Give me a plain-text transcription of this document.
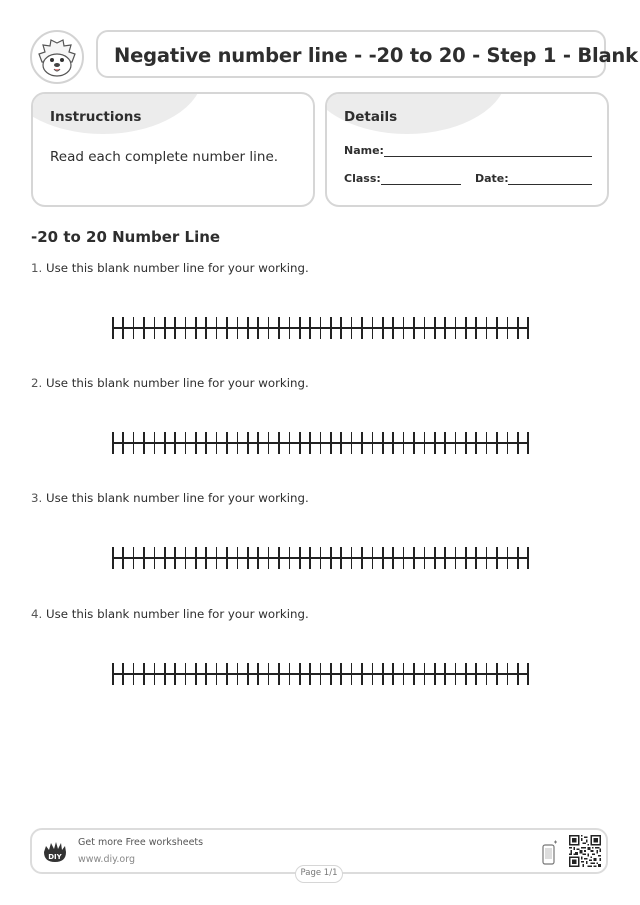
Negative number line - -20 to 20 - Step 1 - Blank
Instructions
Read each complete number line.
Details
Name:
Class:	Date:
-20 to 20 Number Line
1. Use this blank number line for your working.
2. Use this blank number line for your working.
3. Use this blank number line for your working.
4. Use this blank number line for your working.
DIY
Get more Free worksheets
www.diy.org
Page 1/1
